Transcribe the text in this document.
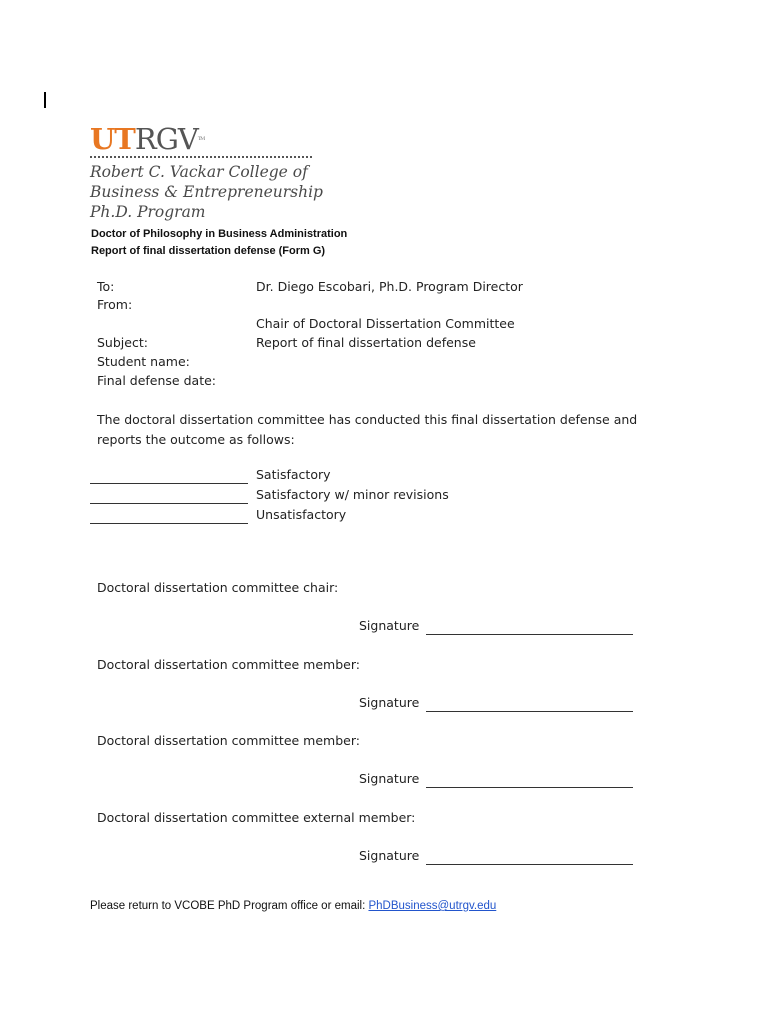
UTRGVTM
Robert C. Vackar College of
Business & Entrepreneurship
Ph.D. Program
Doctor of Philosophy in Business Administration
Report of final dissertation defense (Form G)
To:	Dr. Diego Escobari, Ph.D. Program Director
From:
Chair of Doctoral Dissertation Committee
Subject:	Report of final dissertation defense
Student name:
Final defense date:
The doctoral dissertation committee has conducted this final dissertation defense and reports the outcome as follows:
Satisfactory
Satisfactory w/ minor revisions
Unsatisfactory
Doctoral dissertation committee chair:
Signature
Doctoral dissertation committee member:
Signature
Doctoral dissertation committee member:
Signature
Doctoral dissertation committee external member:
Signature
Please return to VCOBE PhD Program office or email: PhDBusiness@utrgv.edu
